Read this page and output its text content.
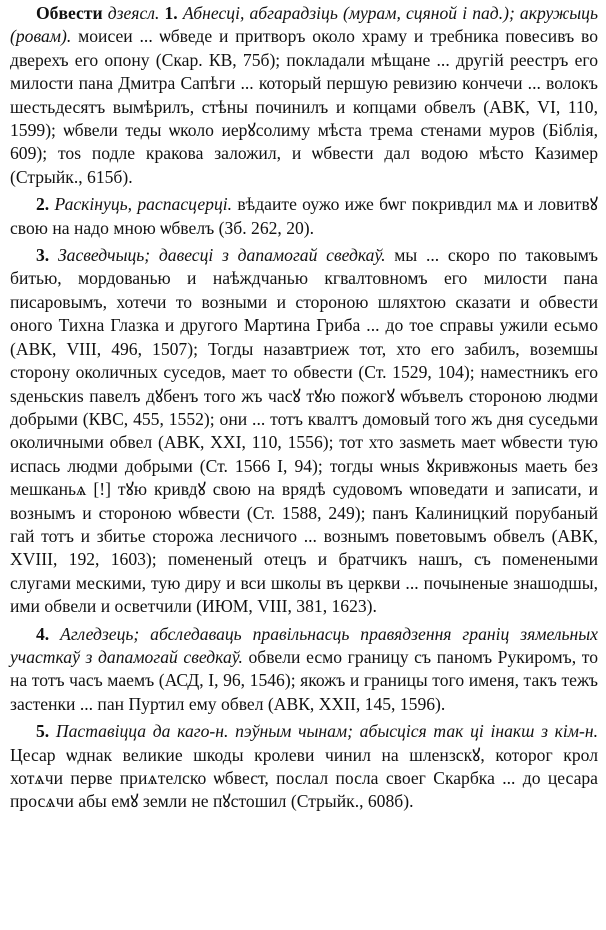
Обвести дзеясл. 1. Абнесці, абгарадзіць (мурам, сцяной і пад.); акружыць (ровам). моисеи ... ѡбведе и притворъ около храму и требника повесивъ во дверехъ его опону (Скар. КВ, 75б); покладали мѣщане ... другій реестръ его милости пана Дмитра Сапѣги ... который першую ревизию кончечи ... волокъ шестьдесятъ вымѣрилъ, стѣны починилъ и копцами обвелъ (АВК, VI, 110, 1599); ѡбвели теды ѡколо иерꙋсолиму мѣста трема стенами муров (Біблія, 609); тоѕ подле кракова заложил, и ѡбвести дал водою мѣсто Казимер (Стрыйк., 615б).

2. Раскінуць, распасцерці. вѣдаите оужо иже бѡг покривдил мѧ и ловитвꙋ свою на надо мною ѡбвелъ (Зб. 262, 20).

3. Засведчыць; давесці з дапамогай сведкаў. мы ... скоро по таковымъ битью, мордованью и наѣждчанью кгвалтовномъ его милости пана писаровымъ, хотечи то возными и стороною шляхтою сказати и обвести оного Тихна Глазка и другого Мартина Гриба ... до тое справы ужили есьмо (АВК, VIII, 496, 1507); Тогды назавтриеж тот, хто его забилъ, воземшы сторону околичных суседов, мает то обвести (Ст. 1529, 104); наместникъ его ѕденьскиѕ павелъ дꙋбенъ того жъ часꙋ тꙋю пожогꙋ ѡбъвелъ стороною людми добрыми (КВС, 455, 1552); они ... тотъ квалтъ домовый того жъ дня суседьми околичными обвел (АВК, XXI, 110, 1556); тот хто заѕметь мает ѡбвести тую испась людми добрыми (Ст. 1566 I, 94); тогды ѡныѕ ꙋкривжоныѕ маеть без мешканьѧ [!] тꙋю кривдꙋ свою на врядѣ судовомъ ѡповедати и записати, и вознымъ и стороною ѡбвести (Ст. 1588, 249); панъ Калиницкий порубаный гай тотъ и збитье сторожа лесничого ... вознымъ поветовымъ обвелъ (АВК, XVIII, 192, 1603); помененый отецъ и братчикъ нашъ, съ поменеными слугами мескими, тую диру и вси школы въ церкви ... почыненые знашодшы, ими обвели и осветчили (ИЮМ, VIII, 381, 1623).

4. Агледзець; абследаваць правільнасць правядзення граніц зямельных участкаў з дапамогай сведкаў. обвели есмо границу съ паномъ Рукиромъ, то на тотъ часъ маемъ (АСД, I, 96, 1546); якожъ и границы того именя, такъ тежъ застенки ... пан Пуртил ему обвел (АВК, XXII, 145, 1596).

5. Паставіцца да каго-н. пэўным чынам; абысціся так ці інакш з кім-н. Цесар ѡднак великие шкоды кролеви чинил на шлензскꙋ, которог крол хотѧчи перве приѧтелско ѡбвест, послал посла своег Скарбка ... до цесара просѧчи абы емꙋ земли не пꙋстошил (Стрыйк., 608б).
